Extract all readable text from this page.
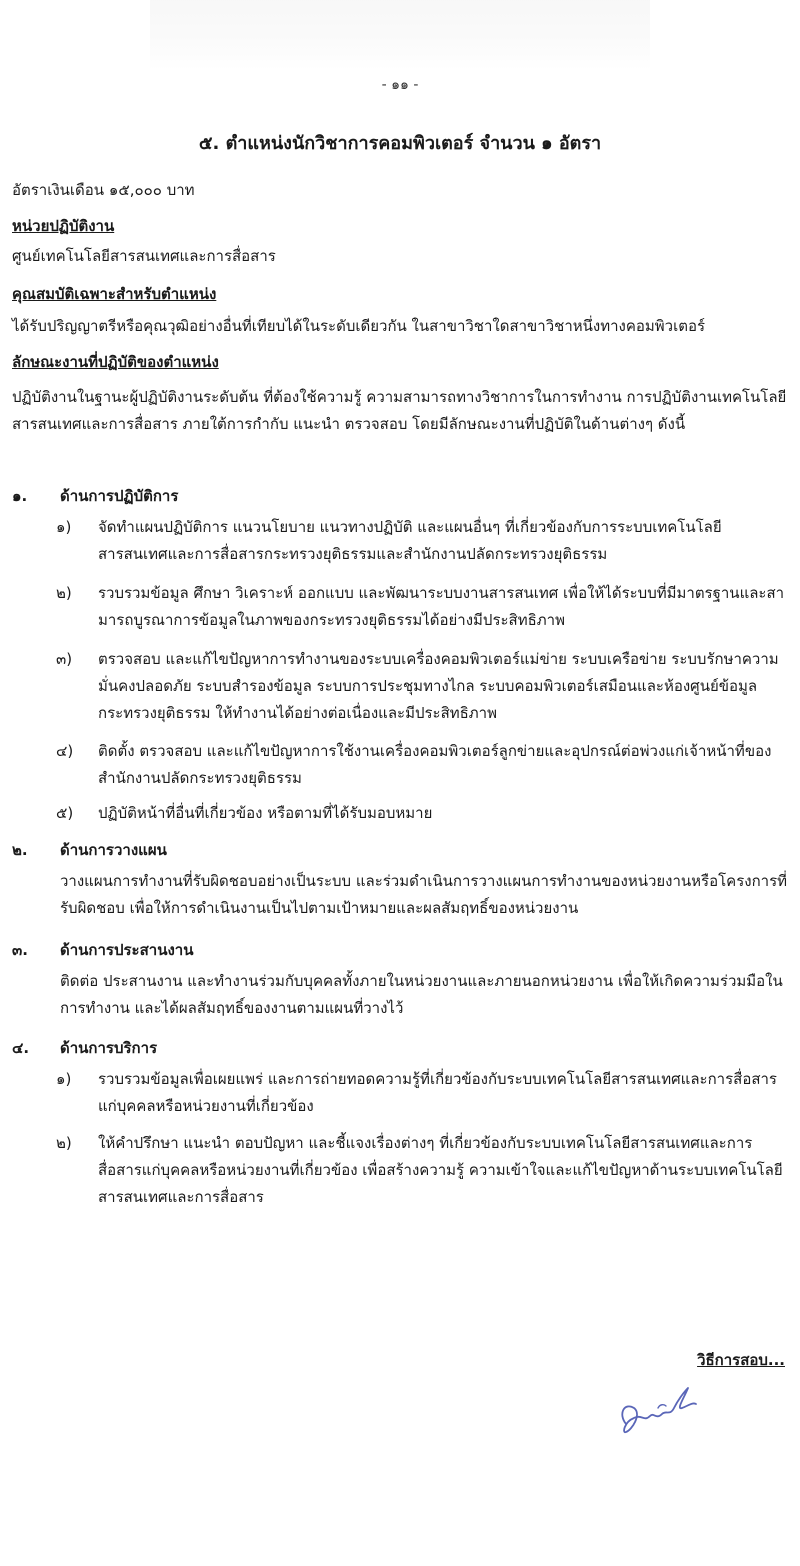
- ๑๑ -
๕. ตำแหน่งนักวิชาการคอมพิวเตอร์ จำนวน ๑ อัตรา
อัตราเงินเดือน ๑๕,๐๐๐ บาท
หน่วยปฏิบัติงาน
ศูนย์เทคโนโลยีสารสนเทศและการสื่อสาร
คุณสมบัติเฉพาะสำหรับตำแหน่ง
ได้รับปริญญาตรีหรือคุณวุฒิอย่างอื่นที่เทียบได้ในระดับเดียวกัน ในสาขาวิชาใดสาขาวิชาหนึ่งทางคอมพิวเตอร์
ลักษณะงานที่ปฏิบัติของตำแหน่ง
ปฏิบัติงานในฐานะผู้ปฏิบัติงานระดับต้น ที่ต้องใช้ความรู้ ความสามารถทางวิชาการในการทำงาน การปฏิบัติงานเทคโนโลยีสารสนเทศและการสื่อสาร ภายใต้การกำกับ แนะนำ ตรวจสอบ โดยมีลักษณะงานที่ปฏิบัติในด้านต่างๆ ดังนี้
๑. ด้านการปฏิบัติการ
๑) จัดทำแผนปฏิบัติการ แนวนโยบาย แนวทางปฏิบัติ และแผนอื่นๆ ที่เกี่ยวข้องกับการระบบเทคโนโลยีสารสนเทศและการสื่อสารกระทรวงยุติธรรมและสำนักงานปลัดกระทรวงยุติธรรม
๒) รวบรวมข้อมูล ศึกษา วิเคราะห์ ออกแบบ และพัฒนาระบบงานสารสนเทศ เพื่อให้ได้ระบบที่มีมาตรฐานและสามารถบูรณาการข้อมูลในภาพของกระทรวงยุติธรรมได้อย่างมีประสิทธิภาพ
๓) ตรวจสอบ และแก้ไขปัญหาการทำงานของระบบเครื่องคอมพิวเตอร์แม่ข่าย ระบบเครือข่าย ระบบรักษาความมั่นคงปลอดภัย ระบบสำรองข้อมูล ระบบการประชุมทางไกล ระบบคอมพิวเตอร์เสมือนและห้องศูนย์ข้อมูลกระทรวงยุติธรรม ให้ทำงานได้อย่างต่อเนื่องและมีประสิทธิภาพ
๔) ติดตั้ง ตรวจสอบ และแก้ไขปัญหาการใช้งานเครื่องคอมพิวเตอร์ลูกข่ายและอุปกรณ์ต่อพ่วงแก่เจ้าหน้าที่ของสำนักงานปลัดกระทรวงยุติธรรม
๕) ปฏิบัติหน้าที่อื่นที่เกี่ยวข้อง หรือตามที่ได้รับมอบหมาย
๒. ด้านการวางแผน
วางแผนการทำงานที่รับผิดชอบอย่างเป็นระบบ และร่วมดำเนินการวางแผนการทำงานของหน่วยงานหรือโครงการที่รับผิดชอบ เพื่อให้การดำเนินงานเป็นไปตามเป้าหมายและผลสัมฤทธิ์ของหน่วยงาน
๓. ด้านการประสานงาน
ติดต่อ ประสานงาน และทำงานร่วมกับบุคคลทั้งภายในหน่วยงานและภายนอกหน่วยงาน เพื่อให้เกิดความร่วมมือในการทำงาน และได้ผลสัมฤทธิ์ของงานตามแผนที่วางไว้
๔. ด้านการบริการ
๑) รวบรวมข้อมูลเพื่อเผยแพร่ และการถ่ายทอดความรู้ที่เกี่ยวข้องกับระบบเทคโนโลยีสารสนเทศและการสื่อสารแก่บุคคลหรือหน่วยงานที่เกี่ยวข้อง
๒) ให้คำปรึกษา แนะนำ ตอบปัญหา และชี้แจงเรื่องต่างๆ ที่เกี่ยวข้องกับระบบเทคโนโลยีสารสนเทศและการสื่อสารแก่บุคคลหรือหน่วยงานที่เกี่ยวข้อง เพื่อสร้างความรู้ ความเข้าใจและแก้ไขปัญหาด้านระบบเทคโนโลยีสารสนเทศและการสื่อสาร
วิธีการสอบ...
